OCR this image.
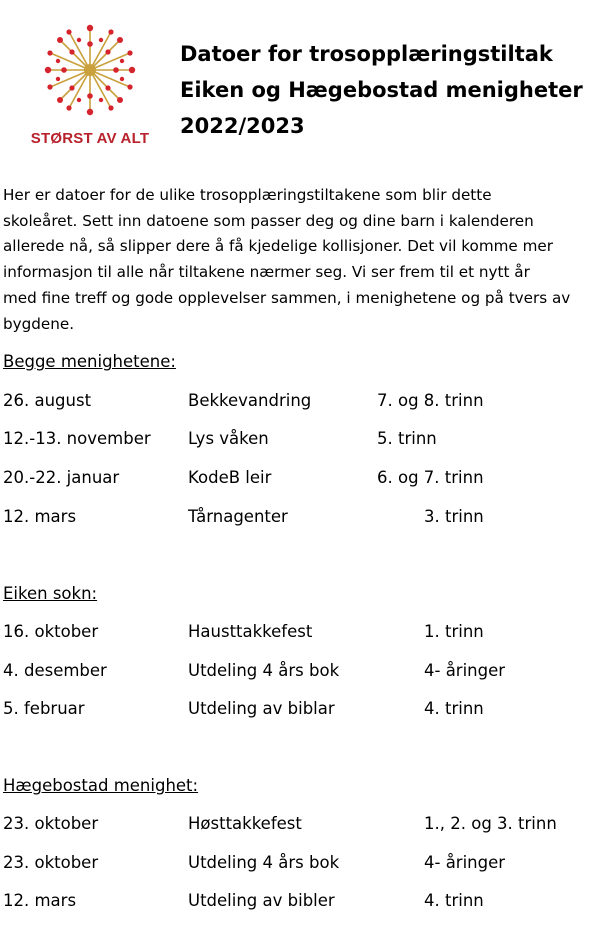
STØRST AV ALT
Datoer for trosopplæringstiltak
Eiken og Hægebostad menigheter
2022/2023
Her er datoer for de ulike trosopplæringstiltakene som blir dette
skoleåret. Sett inn datoene som passer deg og dine barn i kalenderen
allerede nå, så slipper dere å få kjedelige kollisjoner. Det vil komme mer
informasjon til alle når tiltakene nærmer seg. Vi ser frem til et nytt år
med fine treff og gode opplevelser sammen, i menighetene og på tvers av
bygdene.
Begge menighetene:
26. august	Bekkevandring	7. og 8. trinn
12.-13. november Lys våken	5. trinn
20.-22. januar	KodeB leir	6. og 7. trinn
12. mars	Tårnagenter	3. trinn
Eiken sokn:
16. oktober	Hausttakkefest	1. trinn
4. desember	Utdeling 4 års bok	4- åringer
5. februar	Utdeling av biblar	4. trinn
Hægebostad menighet:
23. oktober	Høsttakkefest	1., 2. og 3. trinn
23. oktober	Utdeling 4 års bok	4- åringer
12. mars	Utdeling av bibler	4. trinn
